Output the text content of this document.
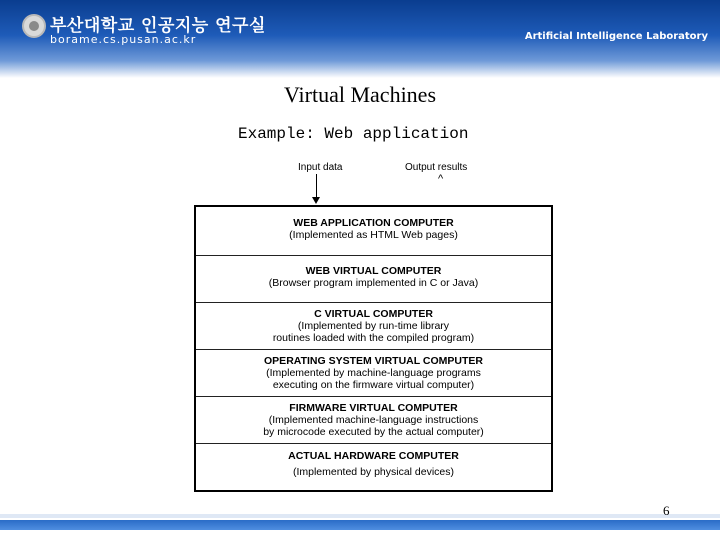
부산대학교 인공지능 연구실
borame.cs.pusan.ac.kr	Artificial Intelligence Laboratory
Virtual Machines
Example: Web application
Input data	Output results
^
WEB APPLICATION COMPUTER
(Implemented as HTML Web pages)
WEB VIRTUAL COMPUTER
(Browser program implemented in C or Java)
C VIRTUAL COMPUTER
(Implemented by run-time library
routines loaded with the compiled program)
OPERATING SYSTEM VIRTUAL COMPUTER
(Implemented by machine-language programs
executing on the firmware virtual computer)
FIRMWARE VIRTUAL COMPUTER
(Implemented machine-language instructions
by microcode executed by the actual computer)
ACTUAL HARDWARE COMPUTER
(Implemented by physical devices)
6
